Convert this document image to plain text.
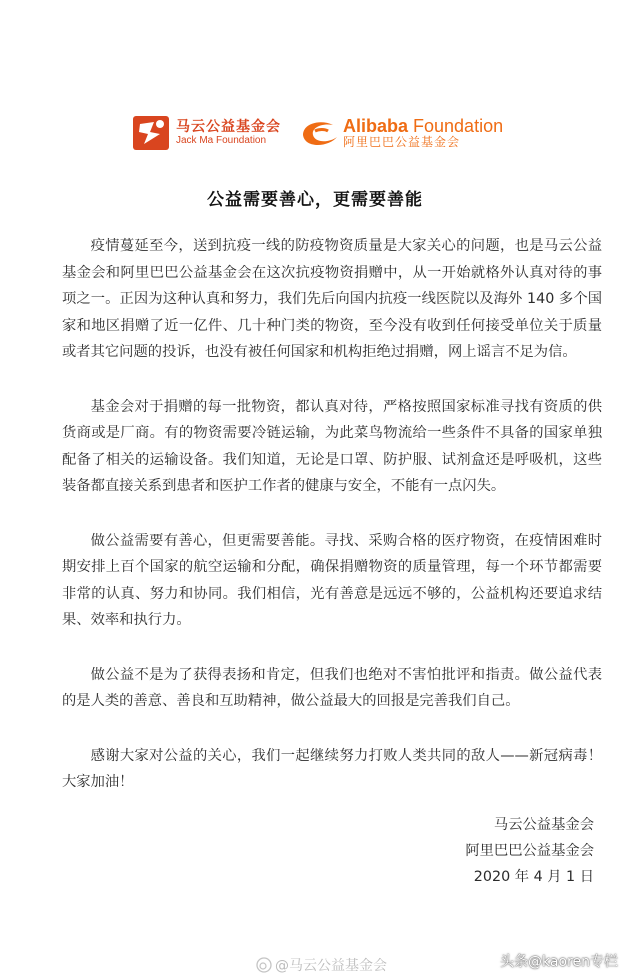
马云公益基金会
Jack Ma Foundation
Alibaba Foundation
阿里巴巴公益基金会
公益需要善心，更需要善能

疫情蔓延至今，送到抗疫一线的防疫物资质量是大家关心的问题，也是马云公益基金会和阿里巴巴公益基金会在这次抗疫物资捐赠中，从一开始就格外认真对待的事项之一。正因为这种认真和努力，我们先后向国内抗疫一线医院以及海外 140 多个国家和地区捐赠了近一亿件、几十种门类的物资，至今没有收到任何接受单位关于质量或者其它问题的投诉，也没有被任何国家和机构拒绝过捐赠，网上谣言不足为信。

基金会对于捐赠的每一批物资，都认真对待，严格按照国家标准寻找有资质的供货商或是厂商。有的物资需要冷链运输，为此菜鸟物流给一些条件不具备的国家单独配备了相关的运输设备。我们知道，无论是口罩、防护服、试剂盒还是呼吸机，这些装备都直接关系到患者和医护工作者的健康与安全，不能有一点闪失。

做公益需要有善心，但更需要善能。寻找、采购合格的医疗物资，在疫情困难时期安排上百个国家的航空运输和分配，确保捐赠物资的质量管理，每一个环节都需要非常的认真、努力和协同。我们相信，光有善意是远远不够的，公益机构还要追求结果、效率和执行力。

做公益不是为了获得表扬和肯定，但我们也绝对不害怕批评和指责。做公益代表的是人类的善意、善良和互助精神，做公益最大的回报是完善我们自己。

感谢大家对公益的关心，我们一起继续努力打败人类共同的敌人——新冠病毒！大家加油！

马云公益基金会
阿里巴巴公益基金会
2020 年 4 月 1 日
@马云公益基金会	头条@kaoren专栏
